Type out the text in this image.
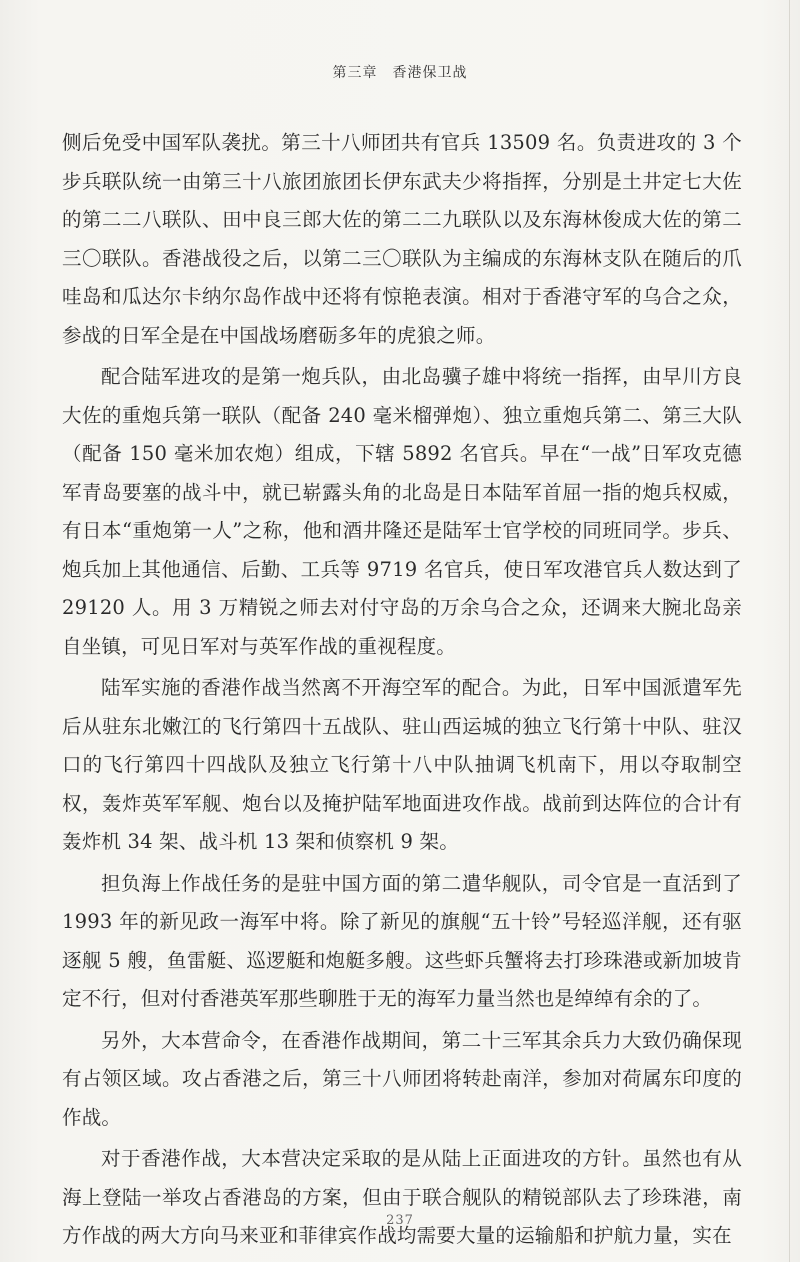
第三章　香港保卫战

侧后免受中国军队袭扰。第三十八师团共有官兵 13509 名。负责进攻的 3 个步兵联队统一由第三十八旅团旅团长伊东武夫少将指挥，分别是土井定七大佐的第二二八联队、田中良三郎大佐的第二二九联队以及东海林俊成大佐的第二三〇联队。香港战役之后，以第二三〇联队为主编成的东海林支队在随后的爪哇岛和瓜达尔卡纳尔岛作战中还将有惊艳表演。相对于香港守军的乌合之众，参战的日军全是在中国战场磨砺多年的虎狼之师。

配合陆军进攻的是第一炮兵队，由北岛骥子雄中将统一指挥，由早川方良大佐的重炮兵第一联队（配备 240 毫米榴弹炮）、独立重炮兵第二、第三大队（配备 150 毫米加农炮）组成，下辖 5892 名官兵。早在“一战”日军攻克德军青岛要塞的战斗中，就已崭露头角的北岛是日本陆军首屈一指的炮兵权威，有日本“重炮第一人”之称，他和酒井隆还是陆军士官学校的同班同学。步兵、炮兵加上其他通信、后勤、工兵等 9719 名官兵，使日军攻港官兵人数达到了 29120 人。用 3 万精锐之师去对付守岛的万余乌合之众，还调来大腕北岛亲自坐镇，可见日军对与英军作战的重视程度。

陆军实施的香港作战当然离不开海空军的配合。为此，日军中国派遣军先后从驻东北嫩江的飞行第四十五战队、驻山西运城的独立飞行第十中队、驻汉口的飞行第四十四战队及独立飞行第十八中队抽调飞机南下，用以夺取制空权，轰炸英军军舰、炮台以及掩护陆军地面进攻作战。战前到达阵位的合计有轰炸机 34 架、战斗机 13 架和侦察机 9 架。

担负海上作战任务的是驻中国方面的第二遣华舰队，司令官是一直活到了 1993 年的新见政一海军中将。除了新见的旗舰“五十铃”号轻巡洋舰，还有驱逐舰 5 艘，鱼雷艇、巡逻艇和炮艇多艘。这些虾兵蟹将去打珍珠港或新加坡肯定不行，但对付香港英军那些聊胜于无的海军力量当然也是绰绰有余的了。

另外，大本营命令，在香港作战期间，第二十三军其余兵力大致仍确保现有占领区域。攻占香港之后，第三十八师团将转赴南洋，参加对荷属东印度的作战。

对于香港作战，大本营决定采取的是从陆上正面进攻的方针。虽然也有从海上登陆一举攻占香港岛的方案，但由于联合舰队的精锐部队去了珍珠港，南方作战的两大方向马来亚和菲律宾作战均需要大量的运输船和护航力量，实在

237
